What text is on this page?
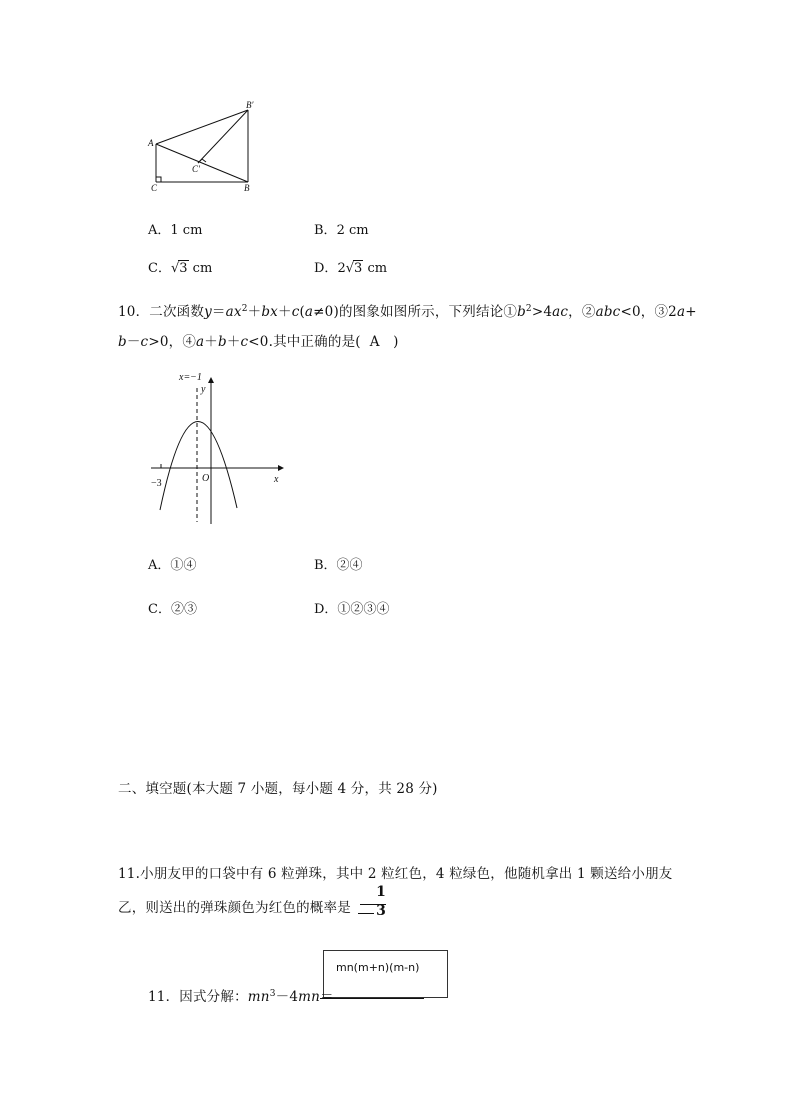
A
B′
C	B
C′
A．1 cm	B．2 cm
C．√3 cm	D．2√3 cm
10．二次函数$y=ax^2+bx+c(a\ne 0)$的图象如图所示，下列结论$①b^2>4ac$，②abc<0，③2a+
b－c>0，④a＋b＋c<0.其中正确的是( A )
x=−1
y
x
O
−3
A．①④	B．②④
C．②③	D．①②③④
二、填空题(本大题 7 小题，每小题 4 分，共 28 分)
11.小朋友甲的口袋中有 6 粒弹珠，其中 2 粒红色，4 粒绿色，他随机拿出 1 颗送给小朋友
乙，则送出的弹珠颜色为红色的概率是
1
3
mn(m+n)(m-n)
11．因式分解：$mn^3-4mn=$
